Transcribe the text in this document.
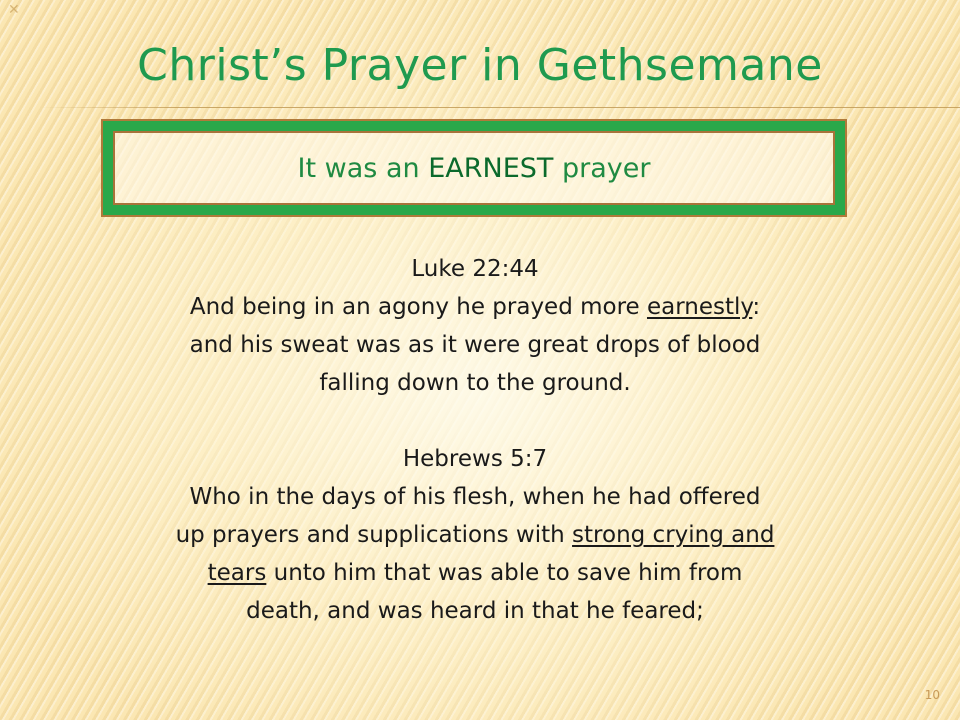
✕
Christ’s Prayer in Gethsemane
It was an EARNEST prayer

Luke 22:44

And being in an agony he prayed more earnestly:

and his sweat was as it were great drops of blood

falling down to the ground.

Hebrews 5:7

Who in the days of his flesh, when he had offered

up prayers and supplications with strong crying and

tears unto him that was able to save him from

death, and was heard in that he feared;

10
